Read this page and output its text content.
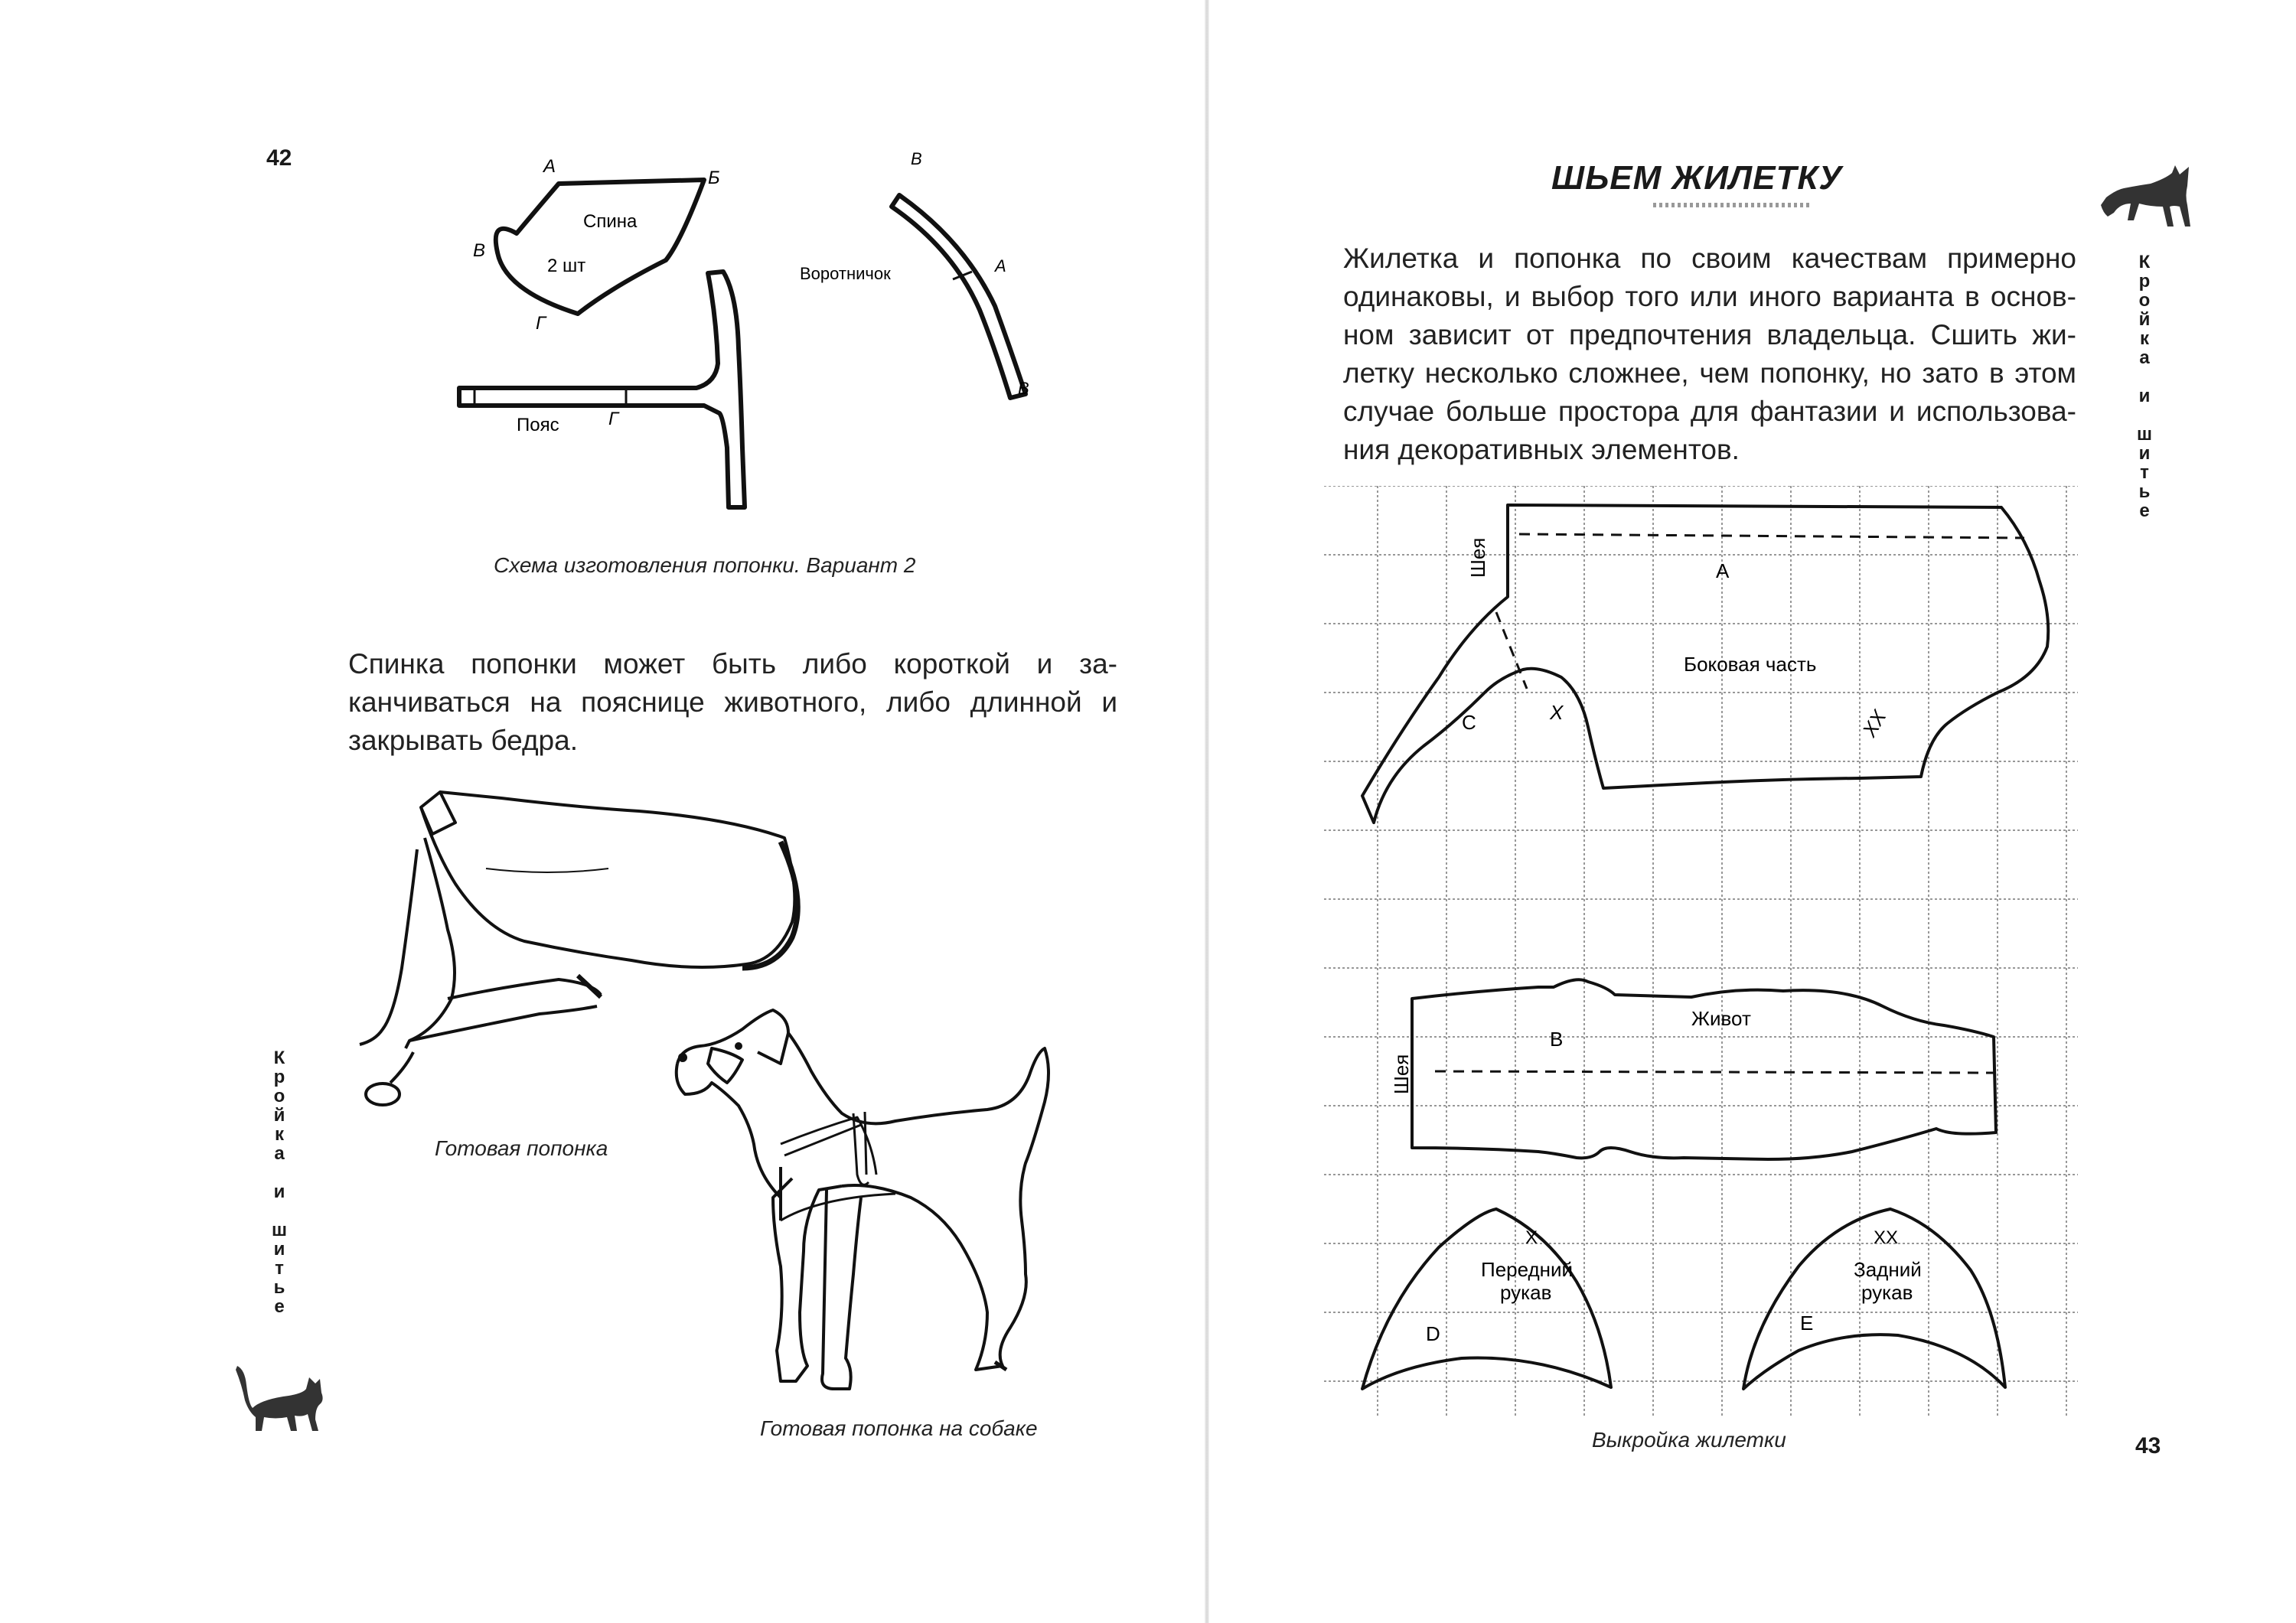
42	А
Б
В
Г
Спина
2 шт
Пояс	Г
Воротничок
В
А
В
Схема изготовления попонки. Вариант 2
Спинка попонки может быть либо короткой и за-
канчиваться на пояснице животного, либо длинной и
закрывать бедра.
Готовая попонка
Готовая попонка на собаке
К
р
о
й
к
а
и
ш
и
т
ь
е
ШЬЕМ ЖИЛЕТКУ
Жилетка и попонка по своим качествам примерно
одинаковы, и выбор того или иного варианта в основ-
ном зависит от предпочтения владельца. Сшить жи-
летку несколько сложнее, чем попонку, но зато в этом
случае больше простора для фантазии и использова-
ния декоративных элементов.
Шея	А
Боковая часть
С	X	XX
Шея
В
Живот
X
Передний
рукав
D
XX
Задний
рукав
E
Выкройка жилетки	43
К
р
о
й
к
а
и
ш
и
т
ь
е
